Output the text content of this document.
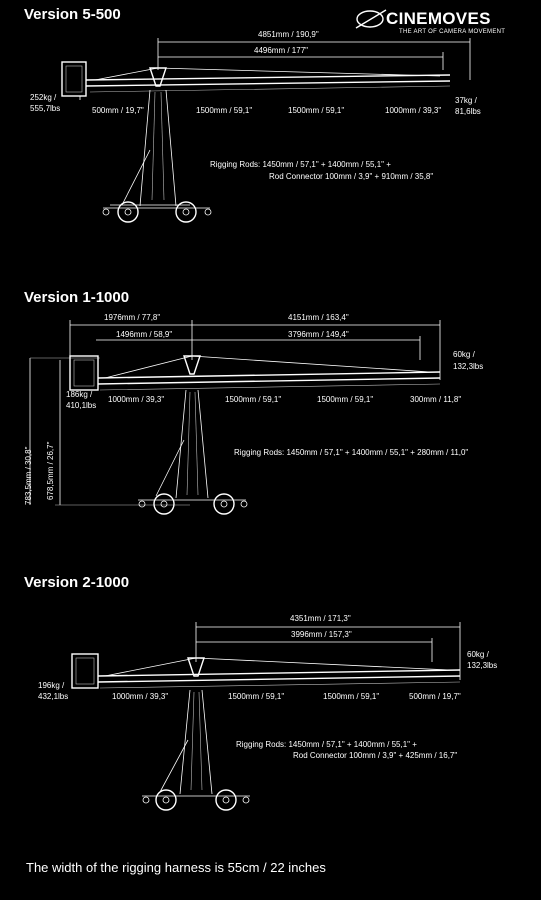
CINEMOVES
THE ART OF CAMERA MOVEMENT
Version 5-500
4851mm / 190,9"
4496mm / 177"
252kg /
555,7lbs
37kg /
81,6lbs
500mm / 19,7"	1500mm / 59,1"	1500mm / 59,1"	1000mm / 39,3"
Rigging Rods: 1450mm / 57,1" + 1400mm / 55,1" +
Rod Connector 100mm / 3,9" + 910mm / 35,8"
Version 1-1000
1976mm / 77,8"	4151mm / 163,4"
1496mm / 58,9"	3796mm / 149,4"
186kg /
410,1lbs
60kg /
132,3lbs
1000mm / 39,3"	1500mm / 59,1"	1500mm / 59,1"	300mm / 11,8"
783,5mm / 30,8" 678,5mm / 26,7"	Rigging Rods: 1450mm / 57,1" + 1400mm / 55,1" + 280mm / 11,0"
Version 2-1000
4351mm / 171,3"
3996mm / 157,3"
196kg /
432,1lbs
60kg /
132,3lbs
1000mm / 39,3"	1500mm / 59,1"	1500mm / 59,1"	500mm / 19,7"
Rigging Rods: 1450mm / 57,1" + 1400mm / 55,1" +
Rod Connector 100mm / 3,9" + 425mm / 16,7"
The width of the rigging harness is 55cm / 22 inches
